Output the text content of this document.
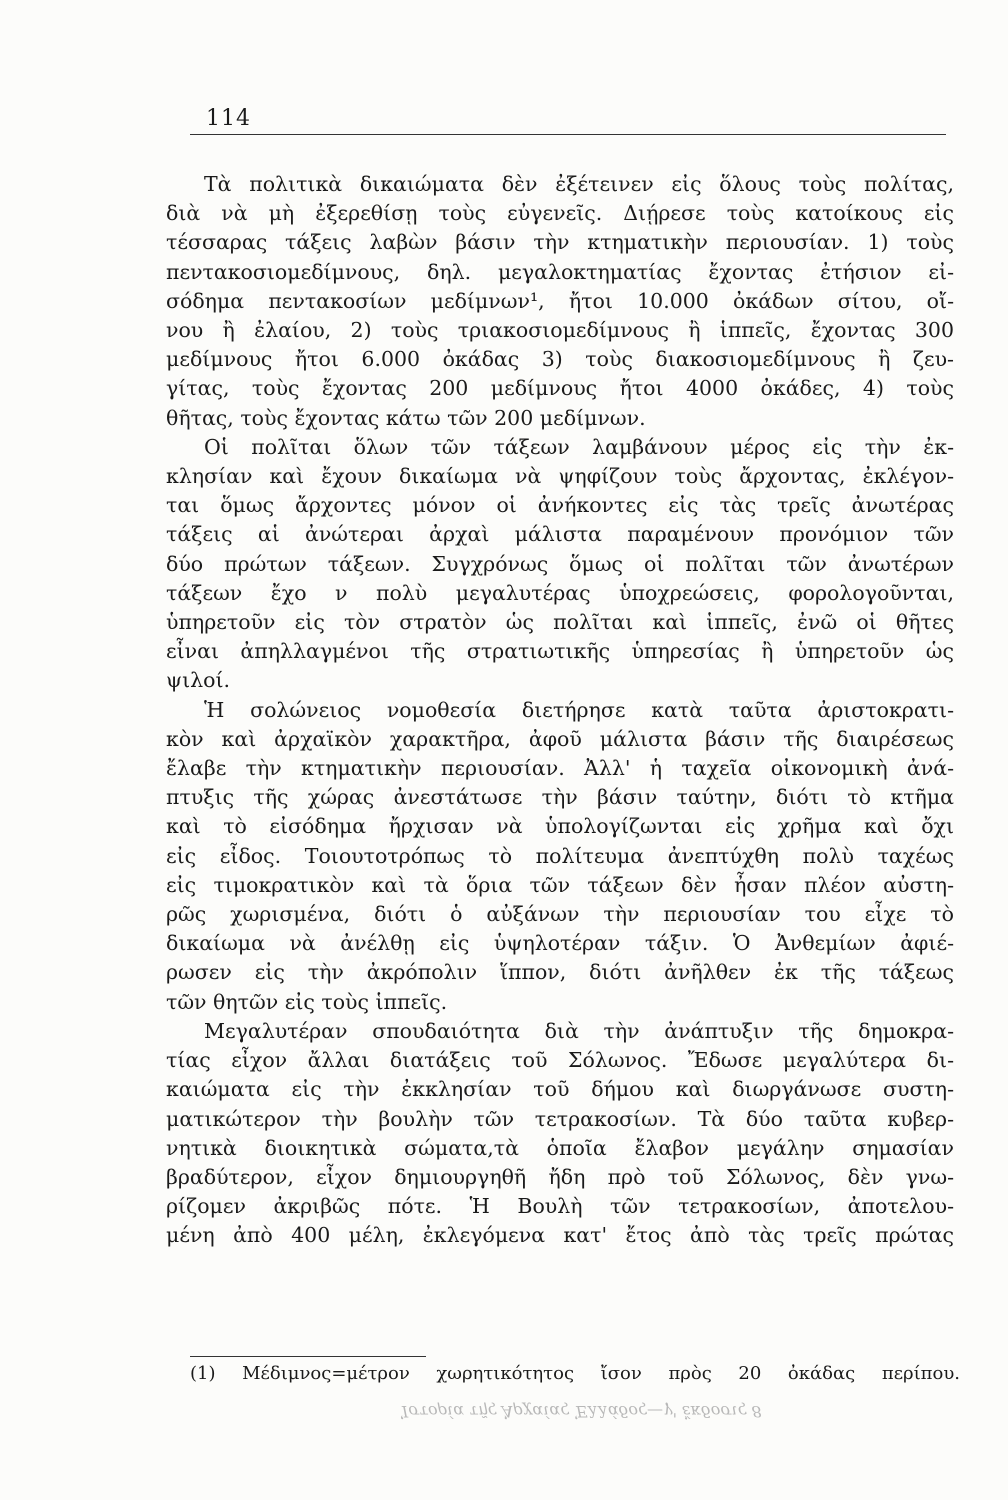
114
Τὰ πολιτικὰ δικαιώματα δὲν ἐξέτεινεν εἰς ὅλους τοὺς πολίτας,
διὰ νὰ μὴ ἐξερεθίσῃ τοὺς εὐγενεῖς. Διῄρεσε τοὺς κατοίκους εἰς
τέσσαρας τάξεις λαβὼν βάσιν τὴν κτηματικὴν περιουσίαν. 1) τοὺς
πεντακοσιομεδίμνους, δηλ. μεγαλοκτηματίας ἔχοντας ἐτήσιον εἰ-
σόδημα πεντακοσίων μεδίμνων¹, ἤτοι 10.000 ὀκάδων σίτου, οἴ-
νου ἢ ἐλαίου, 2) τοὺς τριακοσιομεδίμνους ἢ ἱππεῖς, ἔχοντας 300
μεδίμνους ἤτοι 6.000 ὀκάδας 3) τοὺς διακοσιομεδίμνους ἢ ζευ-
γίτας, τοὺς ἔχοντας 200 μεδίμνους ἤτοι 4000 ὀκάδες, 4) τοὺς
θῆτας, τοὺς ἔχοντας κάτω τῶν 200 μεδίμνων.
Οἱ πολῖται ὅλων τῶν τάξεων λαμβάνουν μέρος εἰς τὴν ἐκ-
κλησίαν καὶ ἔχουν δικαίωμα νὰ ψηφίζουν τοὺς ἄρχοντας, ἐκλέγον-
ται ὅμως ἄρχοντες μόνον οἱ ἀνήκοντες εἰς τὰς τρεῖς ἀνωτέρας
τάξεις αἱ ἀνώτεραι ἀρχαὶ μάλιστα παραμένουν προνόμιον τῶν
δύο πρώτων τάξεων. Συγχρόνως ὅμως οἱ πολῖται τῶν ἀνωτέρων
τάξεων ἔχο ν πολὺ μεγαλυτέρας ὑποχρεώσεις, φορολογοῦνται,
ὑπηρετοῦν εἰς τὸν στρατὸν ὡς πολῖται καὶ ἱππεῖς, ἐνῶ οἱ θῆτες
εἶναι ἀπηλλαγμένοι τῆς στρατιωτικῆς ὑπηρεσίας ἢ ὑπηρετοῦν ὡς
ψιλοί.
Ἡ σολώνειος νομοθεσία διετήρησε κατὰ ταῦτα ἀριστοκρατι-
κὸν καὶ ἀρχαϊκὸν χαρακτῆρα, ἀφοῦ μάλιστα βάσιν τῆς διαιρέσεως
ἔλαβε τὴν κτηματικὴν περιουσίαν. Ἀλλ' ἡ ταχεῖα οἰκονομικὴ ἀνά-
πτυξις τῆς χώρας ἀνεστάτωσε τὴν βάσιν ταύτην, διότι τὸ κτῆμα
καὶ τὸ εἰσόδημα ἤρχισαν νὰ ὑπολογίζωνται εἰς χρῆμα καὶ ὄχι
εἰς εἶδος. Τοιουτοτρόπως τὸ πολίτευμα ἀνεπτύχθη πολὺ ταχέως
εἰς τιμοκρατικὸν καὶ τὰ ὅρια τῶν τάξεων δὲν ἦσαν πλέον αὐστη-
ρῶς χωρισμένα, διότι ὁ αὐξάνων τὴν περιουσίαν του εἶχε τὸ
δικαίωμα νὰ ἀνέλθῃ εἰς ὑψηλοτέραν τάξιν. Ὁ Ἀνθεμίων ἀφιέ-
ρωσεν εἰς τὴν ἀκρόπολιν ἵππον, διότι ἀνῆλθεν ἐκ τῆς τάξεως
τῶν θητῶν εἰς τοὺς ἱππεῖς.
Μεγαλυτέραν σπουδαιότητα διὰ τὴν ἀνάπτυξιν τῆς δημοκρα-
τίας εἶχον ἄλλαι διατάξεις τοῦ Σόλωνος. Ἔδωσε μεγαλύτερα δι-
καιώματα εἰς τὴν ἐκκλησίαν τοῦ δήμου καὶ διωργάνωσε συστη-
ματικώτερον τὴν βουλὴν τῶν τετρακοσίων. Τὰ δύο ταῦτα κυβερ-
νητικὰ διοικητικὰ σώματα,τὰ ὁποῖα ἔλαβον μεγάλην σημασίαν
βραδύτερον, εἶχον δημιουργηθῆ ἤδη πρὸ τοῦ Σόλωνος, δὲν γνω-
ρίζομεν ἀκριβῶς πότε. Ἡ Βουλὴ τῶν τετρακοσίων, ἀποτελου-
μένη ἀπὸ 400 μέλη, ἐκλεγόμενα κατ' ἔτος ἀπὸ τὰς τρεῖς πρώτας
(1) Μέδιμνος=μέτρον χωρητικότητος ἴσον πρὸς 20 ὀκάδας περίπου.
Ἱστορία τῆς Ἀρχαίας Ἑλλάδος—γ' ἔκδοσις 8
